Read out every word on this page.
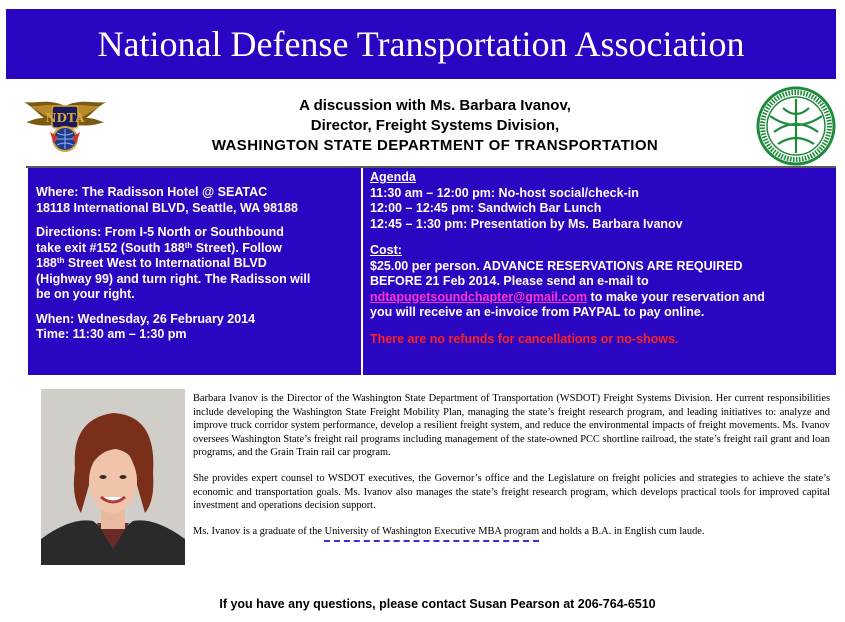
National Defense Transportation Association
NDTA
A discussion with Ms. Barbara Ivanov,
Director, Freight Systems Division,
WASHINGTON STATE DEPARTMENT OF TRANSPORTATION

Where: The Radisson Hotel @ SEATAC

18118 International BLVD, Seattle, WA 98188

Directions: From I-5 North or Southbound

take exit #152 (South 188th Street). Follow

188th Street West to International BLVD

(Highway 99) and turn right. The Radisson will

be on your right.

When: Wednesday, 26 February 2014

Time: 11:30 am – 1:30 pm

Agenda

11:30 am – 12:00 pm: No-host social/check-in

12:00 – 12:45 pm: Sandwich Bar Lunch

12:45 – 1:30 pm: Presentation by Ms. Barbara Ivanov

Cost:

$25.00 per person. ADVANCE RESERVATIONS ARE REQUIRED

BEFORE 21 Feb 2014. Please send an e-mail to

ndtapugetsoundchapter@gmail.com to make your reservation and

you will receive an e-invoice from PAYPAL to pay online.

There are no refunds for cancellations or no-shows.

Barbara Ivanov is the Director of the Washington State Department of Transportation (WSDOT) Freight Systems Division. Her current responsibilities include developing the Washington State Freight Mobility Plan, managing the state’s freight research program, and leading initiatives to: analyze and improve truck corridor system performance, develop a resilient freight system, and reduce the environmental impacts of freight movements. Ms. Ivanov oversees Washington State’s freight rail programs including management of the state-owned PCC shortline railroad, the state’s freight rail grant and loan programs, and the Grain Train rail car program.

She provides expert counsel to WSDOT executives, the Governor’s office and the Legislature on freight policies and strategies to achieve the state’s economic and transportation goals. Ms. Ivanov also manages the state’s freight research program, which develops practical tools for improved capital investment and operations decision support.

Ms. Ivanov is a graduate of the University of Washington Executive MBA program and holds a B.A. in English cum laude.

If you have any questions, please contact Susan Pearson at 206-764-6510
